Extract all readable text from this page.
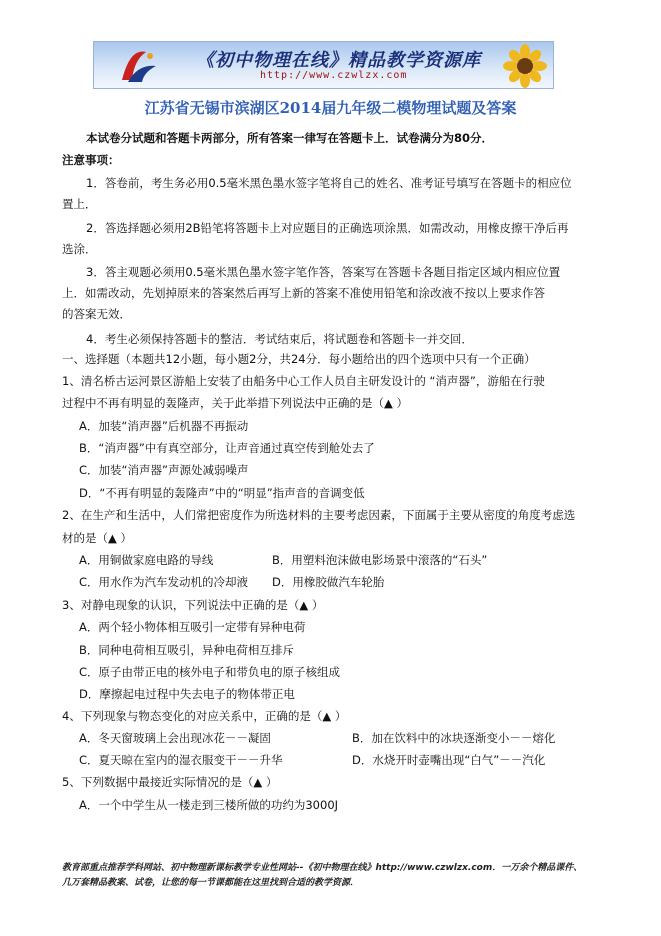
《初中物理在线》精品教学资源库
http://www.czwlzx.com
江苏省无锡市滨湖区2014届九年级二模物理试题及答案
本试卷分试题和答题卡两部分，所有答案一律写在答题卡上．试卷满分为80分．
注意事项：
1．答卷前，考生务必用0.5毫米黑色墨水签字笔将自己的姓名、准考证号填写在答题卡的相应位
置上．
2．答选择题必须用2B铅笔将答题卡上对应题目的正确选项涂黑．如需改动，用橡皮擦干净后再
选涂．
3．答主观题必须用0.5毫米黑色墨水签字笔作答，答案写在答题卡各题目指定区域内相应位置
上．如需改动，先划掉原来的答案然后再写上新的答案不准使用铅笔和涂改液不按以上要求作答
的答案无效．
4．考生必须保持答题卡的整洁．考试结束后，将试题卷和答题卡一并交回．
一、选择题（本题共12小题，每小题2分，共24分．每小题给出的四个选项中只有一个正确）
1、清名桥古运河景区游船上安装了由船务中心工作人员自主研发设计的 “消声器”，游船在行驶
过程中不再有明显的轰隆声，关于此举措下列说法中正确的是（▲ ）
A．加装“消声器”后机器不再振动
B．“消声器”中有真空部分，让声音通过真空传到舱处去了
C．加装“消声器”声源处减弱噪声
D．“不再有明显的轰隆声”中的“明显”指声音的音调变低
2、在生产和生活中，人们常把密度作为所选材料的主要考虑因素，下面属于主要从密度的角度考虑选
材的是（▲ ）
A．用铜做家庭电路的导线	B．用塑料泡沫做电影场景中滚落的“石头”
C．用水作为汽车发动机的冷却液 D．用橡胶做汽车轮胎
3、对静电现象的认识，下列说法中正确的是（▲ ）
A．两个轻小物体相互吸引一定带有异种电荷
B．同种电荷相互吸引，异种电荷相互排斥
C．原子由带正电的核外电子和带负电的原子核组成
D．摩擦起电过程中失去电子的物体带正电
4、下列现象与物态变化的对应关系中，正确的是（▲ ）
A．冬天窗玻璃上会出现冰花－－凝固	B．加在饮料中的冰块逐渐变小－－熔化
C．夏天晾在室内的湿衣服变干－－升华	D．水烧开时壶嘴出现“白气”－－汽化
5、下列数据中最接近实际情况的是（▲ ）
A．一个中学生从一楼走到三楼所做的功约为3000J
教育部重点推荐学科网站、初中物理新课标教学专业性网站--《初中物理在线》http://www.czwlzx.com．一万余个精品课件、
几万套精品教案、试卷，让您的每一节课都能在这里找到合适的教学资源．
